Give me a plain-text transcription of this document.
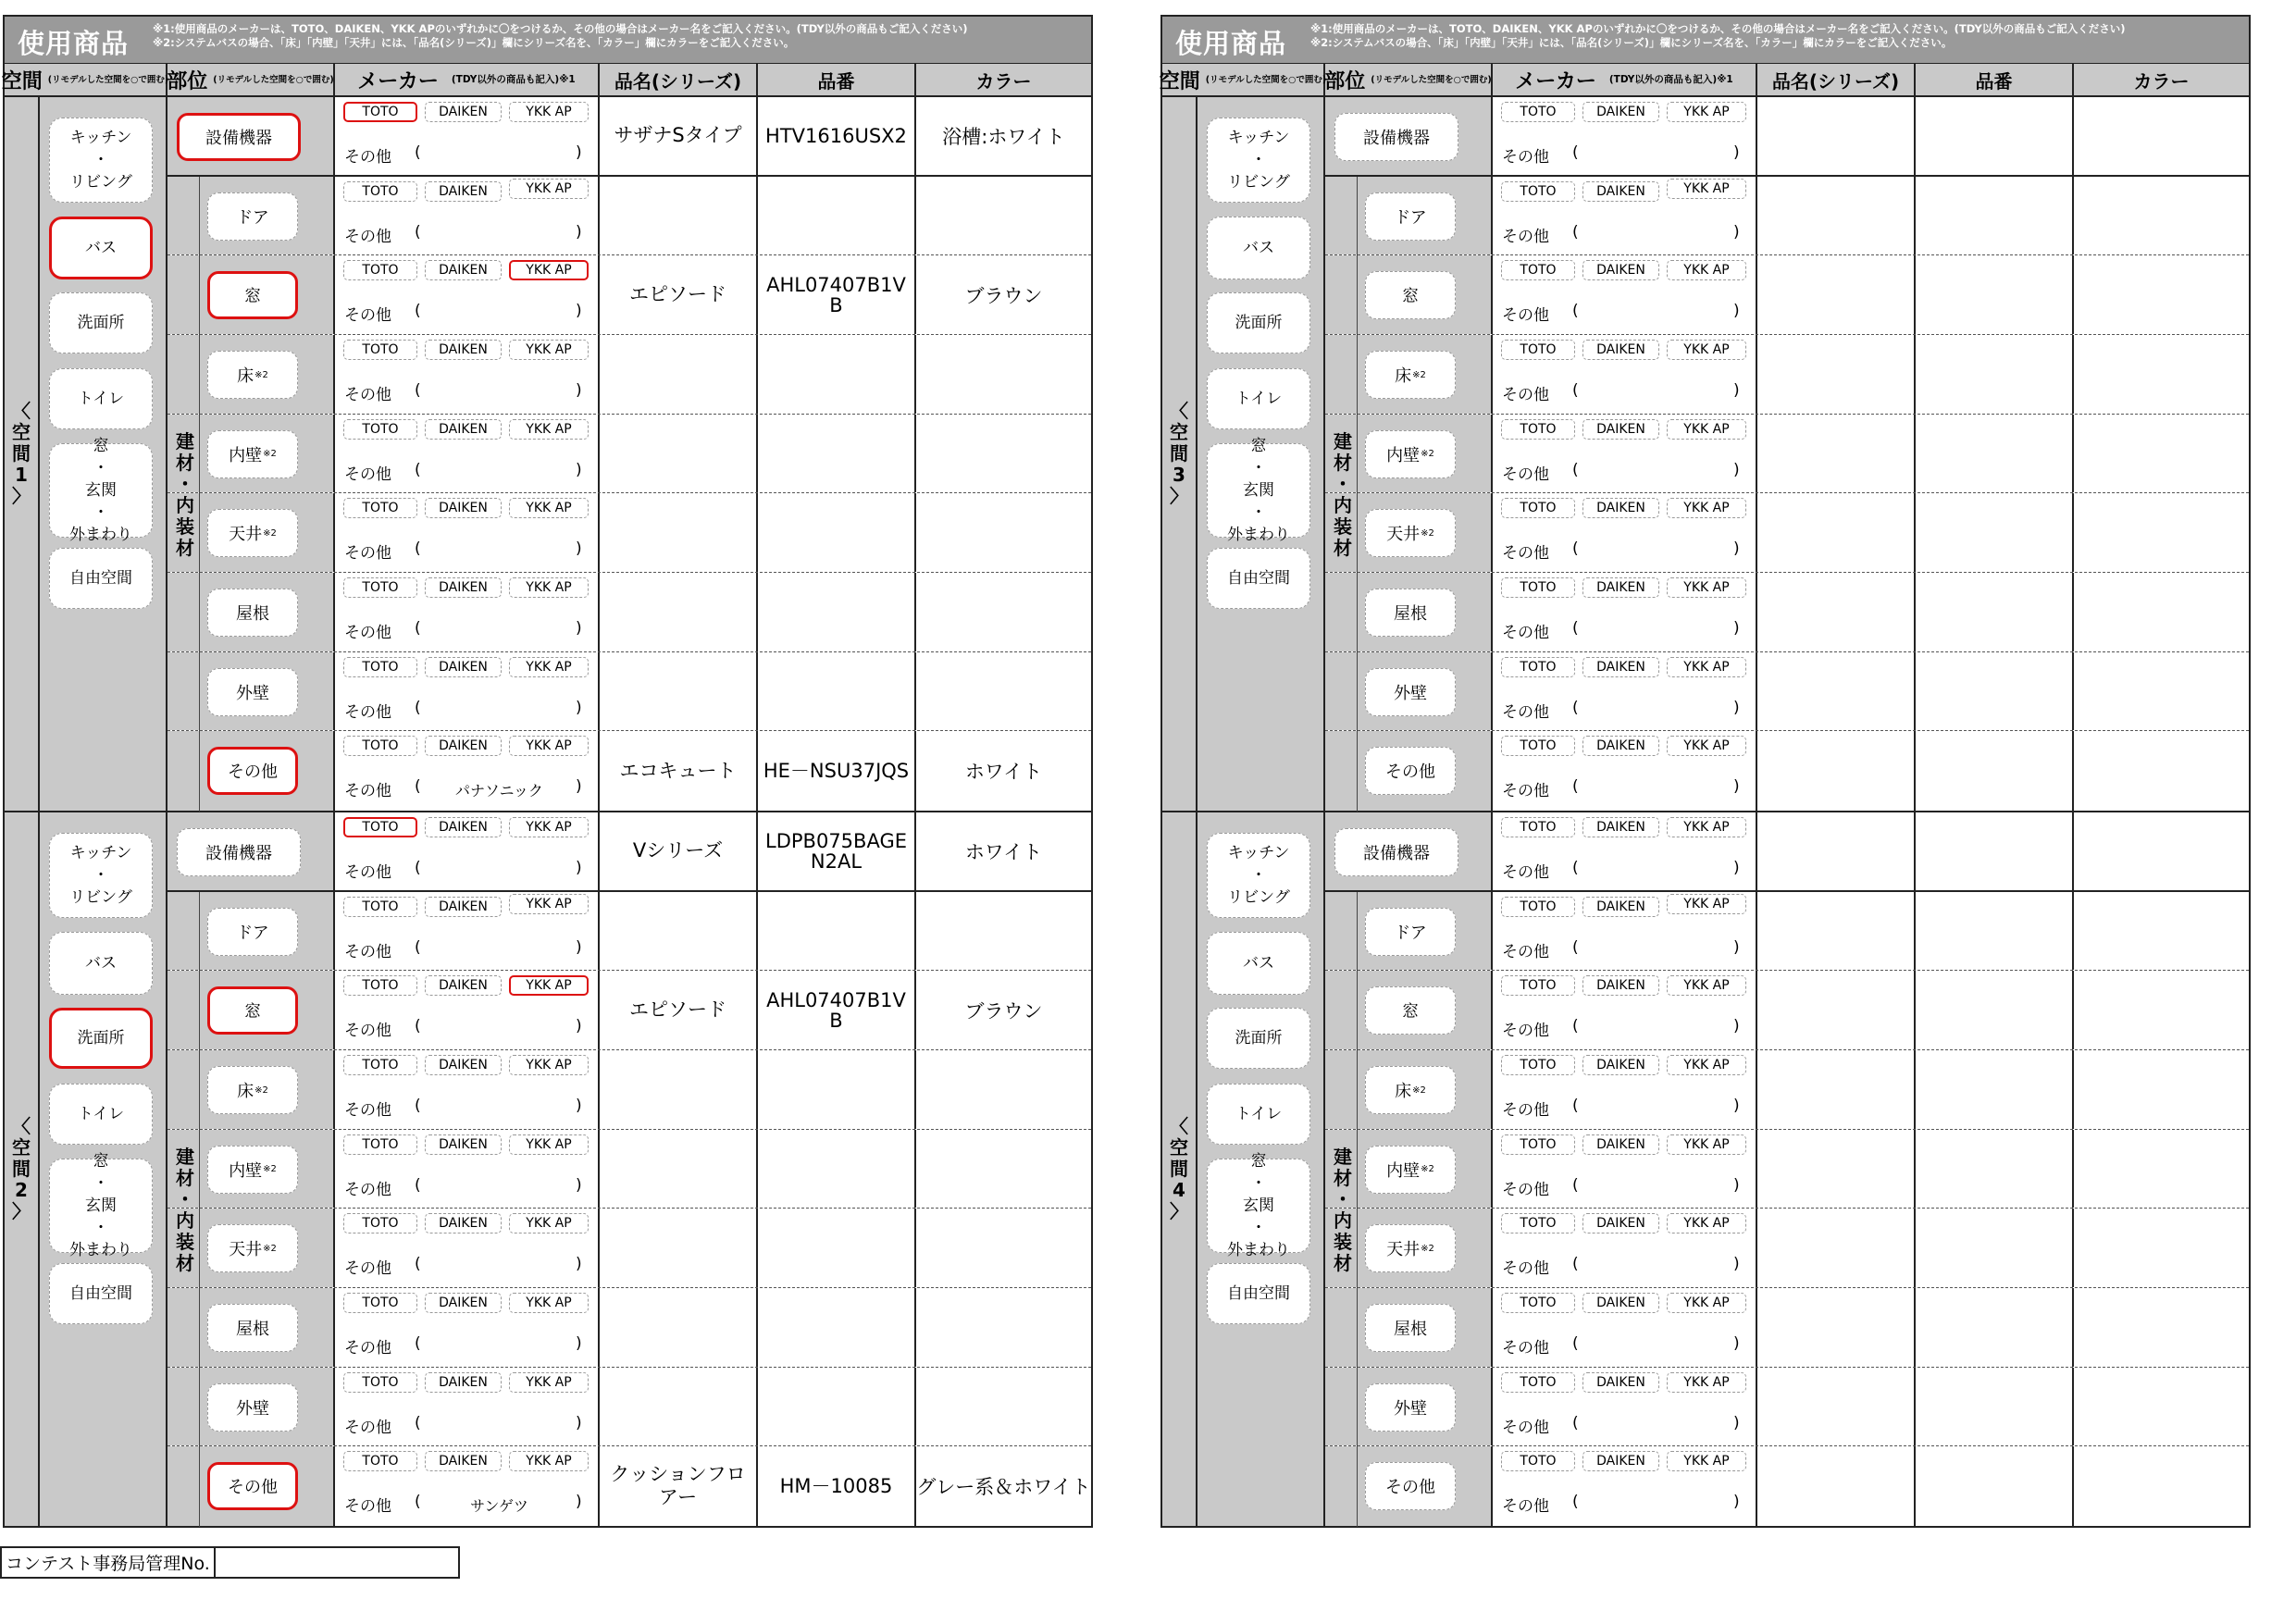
使用商品 ※1:使用商品のメーカーは、TOTO、DAIKEN、YKK APのいずれかに〇をつけるか、その他の場合はメーカー名をご記入ください。(TDY以外の商品もご記入ください)
※2:システムバスの場合、「床」「内壁」「天井」には、「品名(シリーズ)」欄にシリーズ名を、「カラー」欄にカラーをご記入ください。
空間 (リモデルした空間を○で囲む)
部位 (リモデルした空間を○で囲む) メーカー (TDY以外の商品も記入)※1	品名(シリーズ)	品番	カラー
〈
空
間
1
〉
キッチン
・
リビング
バス
洗面所
トイレ
窓
・
玄関
・
外まわり
自由空間
設備機器
TOTO	DAIKEN	YKK AP
その他 (	)
サザナSタイプ	HTV1616USX2	浴槽:ホワイト
ドア
TOTO	DAIKEN	YKK AP
その他 (	)
窓
TOTO	DAIKEN	YKK AP
その他 (	)
エピソード	AHL07407B1VB	ブラウン
床 ※2
TOTO	DAIKEN	YKK AP
その他 (	)
内壁 ※2
TOTO	DAIKEN	YKK AP
その他 (	)
天井 ※2
TOTO	DAIKEN	YKK AP
その他 (	)
屋根
TOTO	DAIKEN	YKK AP
その他 (	)
外壁
TOTO	DAIKEN	YKK AP
その他 (	)
その他
TOTO	DAIKEN	YKK AP
その他 (	パナソニック	)
エコキュート	HE－NSU37JQS	ホワイト
建
材
・
内
装
材
〈
空
間
2
〉
キッチン
・
リビング
バス
洗面所
トイレ
窓
・
玄関
・
外まわり
自由空間
設備機器
TOTO	DAIKEN	YKK AP
その他 (	)
Vシリーズ	LDPB075BAGEN2AL	ホワイト
ドア
TOTO	DAIKEN	YKK AP
その他 (	)
窓
TOTO	DAIKEN	YKK AP
その他 (	)
エピソード	AHL07407B1VB	ブラウン
床 ※2
TOTO	DAIKEN	YKK AP
その他 (	)
内壁 ※2
TOTO	DAIKEN	YKK AP
その他 (	)
天井 ※2
TOTO	DAIKEN	YKK AP
その他 (	)
屋根
TOTO	DAIKEN	YKK AP
その他 (	)
外壁
TOTO	DAIKEN	YKK AP
その他 (	)
その他
TOTO	DAIKEN	YKK AP
その他 (	サンゲツ	)
クッションフロアー	HM－10085	グレー系＆ホワイト
建
材
・
内
装
材
使用商品 ※1:使用商品のメーカーは、TOTO、DAIKEN、YKK APのいずれかに〇をつけるか、その他の場合はメーカー名をご記入ください。(TDY以外の商品もご記入ください)
※2:システムバスの場合、「床」「内壁」「天井」には、「品名(シリーズ)」欄にシリーズ名を、「カラー」欄にカラーをご記入ください。
空間 (リモデルした空間を○で囲む)
部位 (リモデルした空間を○で囲む) メーカー (TDY以外の商品も記入)※1	品名(シリーズ)	品番	カラー
〈
空
間
3
〉
キッチン
・
リビング
バス
洗面所
トイレ
窓
・
玄関
・
外まわり
自由空間
設備機器
TOTO	DAIKEN	YKK AP
その他 (	)
ドア
TOTO	DAIKEN	YKK AP
その他 (	)
窓
TOTO	DAIKEN	YKK AP
その他 (	)
床 ※2
TOTO	DAIKEN	YKK AP
その他 (	)
内壁 ※2
TOTO	DAIKEN	YKK AP
その他 (	)
天井 ※2
TOTO	DAIKEN	YKK AP
その他 (	)
屋根
TOTO	DAIKEN	YKK AP
その他 (	)
外壁
TOTO	DAIKEN	YKK AP
その他 (	)
その他
TOTO	DAIKEN	YKK AP
その他 (	)
建
材
・
内
装
材
〈
空
間
4
〉
キッチン
・
リビング
バス
洗面所
トイレ
窓
・
玄関
・
外まわり
自由空間
設備機器
TOTO	DAIKEN	YKK AP
その他 (	)
ドア
TOTO	DAIKEN	YKK AP
その他 (	)
窓
TOTO	DAIKEN	YKK AP
その他 (	)
床 ※2
TOTO	DAIKEN	YKK AP
その他 (	)
内壁 ※2
TOTO	DAIKEN	YKK AP
その他 (	)
天井 ※2
TOTO	DAIKEN	YKK AP
その他 (	)
屋根
TOTO	DAIKEN	YKK AP
その他 (	)
外壁
TOTO	DAIKEN	YKK AP
その他 (	)
その他
TOTO	DAIKEN	YKK AP
その他 (	)
建
材
・
内
装
材
コンテスト事務局管理No.
